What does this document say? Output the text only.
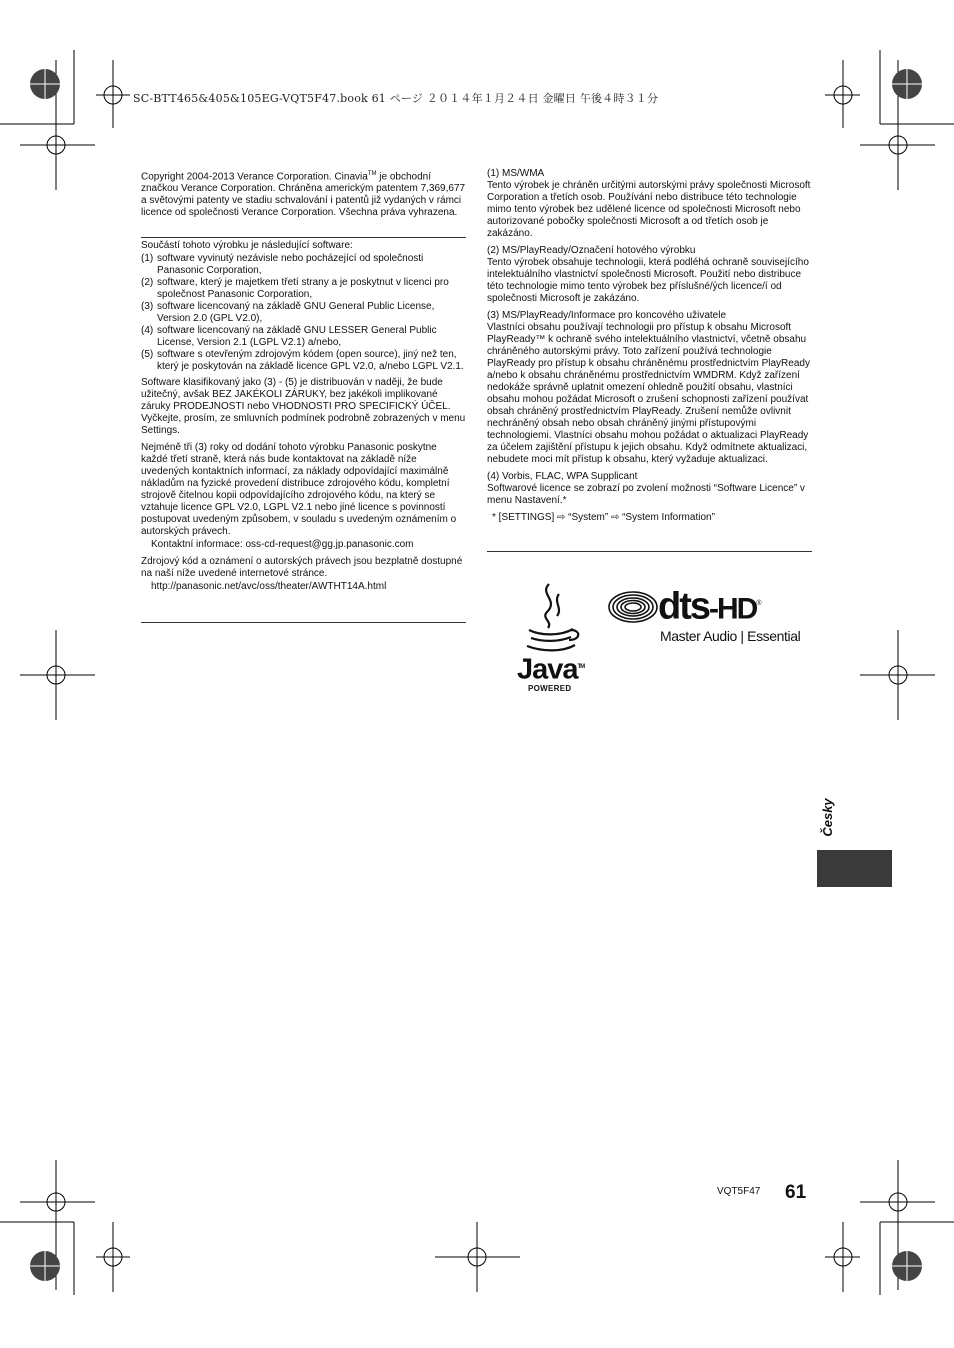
SC-BTT465&405&105EG-VQT5F47.book 61 ページ ２０１４年１月２４日 金曜日 午後４時３１分

Copyright 2004-2013 Verance Corporation. Cinavia™ je obchodní značkou Verance Corporation. Chráněna americkým patentem 7,369,677 a světovými patenty ve stadiu schvalování i patentů již vydaných v rámci licence od společnosti Verance Corporation. Všechna práva vyhrazena.

Součástí tohoto výrobku je následující software:

(1) software vyvinutý nezávisle nebo pocházející od společnosti Panasonic Corporation,
(2) software, který je majetkem třetí strany a je poskytnut v licenci pro společnost Panasonic Corporation,
(3) software licencovaný na základě GNU General Public License, Version 2.0 (GPL V2.0),
(4) software licencovaný na základě GNU LESSER General Public License, Version 2.1 (LGPL V2.1) a/nebo,
(5) software s otevřeným zdrojovým kódem (open source), jiný než ten, který je poskytován na základě licence GPL V2.0, a/nebo LGPL V2.1.

Software klasifikovaný jako (3) - (5) je distribuován v naději, že bude užitečný, avšak BEZ JAKÉKOLI ZÁRUKY, bez jakékoli implikované záruky PRODEJNOSTI nebo VHODNOSTI PRO SPECIFICKÝ ÚČEL. Vyčkejte, prosím, ze smluvních podmínek podrobně zobrazených v menu Settings.

Nejméně tři (3) roky od dodání tohoto výrobku Panasonic poskytne každé třetí straně, která nás bude kontaktovat na základě níže uvedených kontaktních informací, za náklady odpovídající maximálně nákladům na fyzické provedení distribuce zdrojového kódu, kompletní strojově čitelnou kopii odpovídajícího zdrojového kódu, na který se vztahuje licence GPL V2.0, LGPL V2.1 nebo jiné licence s povinností postupovat uvedeným způsobem, v souladu s uvedeným oznámením o autorských právech.

Kontaktní informace: oss-cd-request@gg.jp.panasonic.com

Zdrojový kód a oznámení o autorských právech jsou bezplatně dostupné na naší níže uvedené internetové stránce.

http://panasonic.net/avc/oss/theater/AWTHT14A.html

(1) MS/WMA
Tento výrobek je chráněn určitými autorskými právy společnosti Microsoft Corporation a třetích osob. Používání nebo distribuce této technologie mimo tento výrobek bez udělené licence od společnosti Microsoft nebo autorizované pobočky společnosti Microsoft a od třetích osob je zakázáno.
(2) MS/PlayReady/Označení hotového výrobku
Tento výrobek obsahuje technologii, která podléhá ochraně souvisejícího intelektuálního vlastnictví společnosti Microsoft. Použití nebo distribuce této technologie mimo tento výrobek bez příslušné/ých licence/í od společnosti Microsoft je zakázáno.
(3) MS/PlayReady/Informace pro koncového uživatele
Vlastníci obsahu používají technologii pro přístup k obsahu Microsoft PlayReady™ k ochraně svého intelektuálního vlastnictví, včetně obsahu chráněného autorskými právy. Toto zařízení používá technologie PlayReady pro přístup k obsahu chráněnému prostřednictvím PlayReady a/nebo k obsahu chráněnému prostřednictvím WMDRM. Když zařízení nedokáže správně uplatnit omezení ohledně použití obsahu, vlastníci obsahu mohou požádat Microsoft o zrušení schopnosti zařízení používat obsah chráněný prostřednictvím PlayReady. Zrušení nemůže ovlivnit nechráněný obsah nebo obsah chráněný jinými přístupovými technologiemi. Vlastníci obsahu mohou požádat o aktualizaci PlayReady za účelem zajištění přístupu k jejich obsahu. Když odmítnete aktualizaci, nebudete moci mít přístup k obsahu, který vyžaduje aktualizaci.
(4) Vorbis, FLAC, WPA Supplicant
Softwarové licence se zobrazí po zvolení možnosti “Software Licence” v menu Nastavení.*
* [SETTINGS] ⇨ “System” ⇨ “System Information”
Java™
POWERED
dts-HD®
Master Audio | Essential
Česky
VQT5F47 61
